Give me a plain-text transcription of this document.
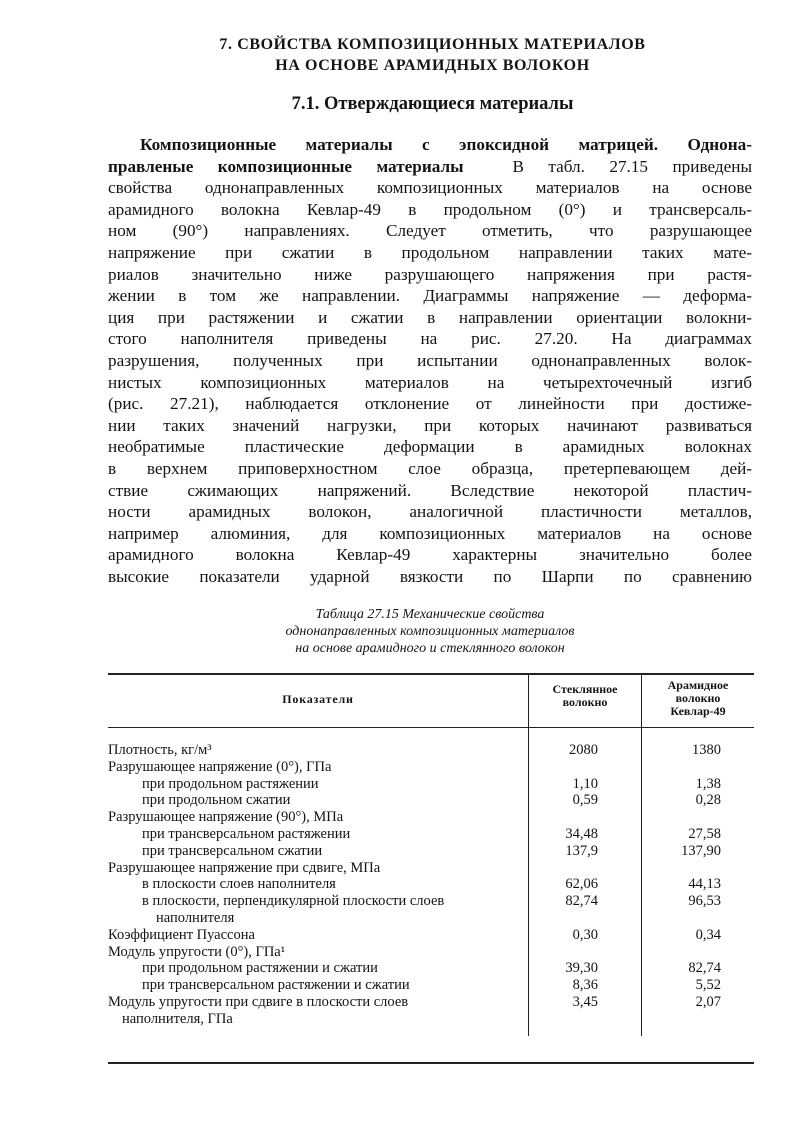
7. СВОЙСТВА КОМПОЗИЦИОННЫХ МАТЕРИАЛОВ
НА ОСНОВЕ АРАМИДНЫХ ВОЛОКОН
7.1. Отверждающиеся материалы
Композиционные материалы с эпоксидной матрицей. Однона-
правленые композиционные материалы	В табл. 27.15 приведены
свойства однонаправленных композиционных материалов на основе
арамидного волокна Кевлар-49 в продольном (0°) и трансверсаль-
ном (90°) направлениях. Следует отметить, что разрушающее
напряжение при сжатии в продольном направлении таких мате-
риалов значительно ниже разрушающего напряжения при растя-
жении в том же направлении. Диаграммы напряжение — деформа-
ция при растяжении и сжатии в направлении ориентации волокни-
стого наполнителя приведены на рис. 27.20. На диаграммах
разрушения, полученных при испытании однонаправленных волок-
нистых композиционных материалов на четырехточечный изгиб
(рис. 27.21), наблюдается отклонение от линейности при достиже-
нии таких значений нагрузки, при которых начинают развиваться
необратимые пластические деформации в арамидных волокнах
в верхнем приповерхностном слое образца, претерпевающем дей-
ствие сжимающих напряжений. Вследствие некоторой пластич-
ности арамидных волокон, аналогичной пластичности металлов,
например алюминия, для композиционных материалов на основе
арамидного волокна Кевлар-49 характерны значительно более
высокие показатели ударной вязкости по Шарпи по сравнению
Таблица 27.15 Механические свойства
однонаправленных композиционных материалов
на основе арамидного и стеклянного волокон
Показатели
Стеклянное
волокно
Арамидное
волокно
Кевлар-49
Плотность, кг/м³	2080	1380
Разрушающее напряжение (0°), ГПа
при продольном растяжении	1,10	1,38
при продольном сжатии	0,59	0,28
Разрушающее напряжение (90°), МПа
при трансверсальном растяжении	34,48	27,58
при трансверсальном сжатии	137,9	137,90
Разрушающее напряжение при сдвиге, МПа
в плоскости слоев наполнителя	62,06	44,13
в плоскости, перпендикулярной плоскости слоев
наполнителя
82,74	96,53
Коэффициент Пуассона	0,30	0,34
Модуль упругости (0°), ГПа¹
при продольном растяжении и сжатии	39,30	82,74
при трансверсальном растяжении и сжатии	8,36	5,52
Модуль упругости при сдвиге в плоскости слоев
наполнителя, ГПа
3,45	2,07
